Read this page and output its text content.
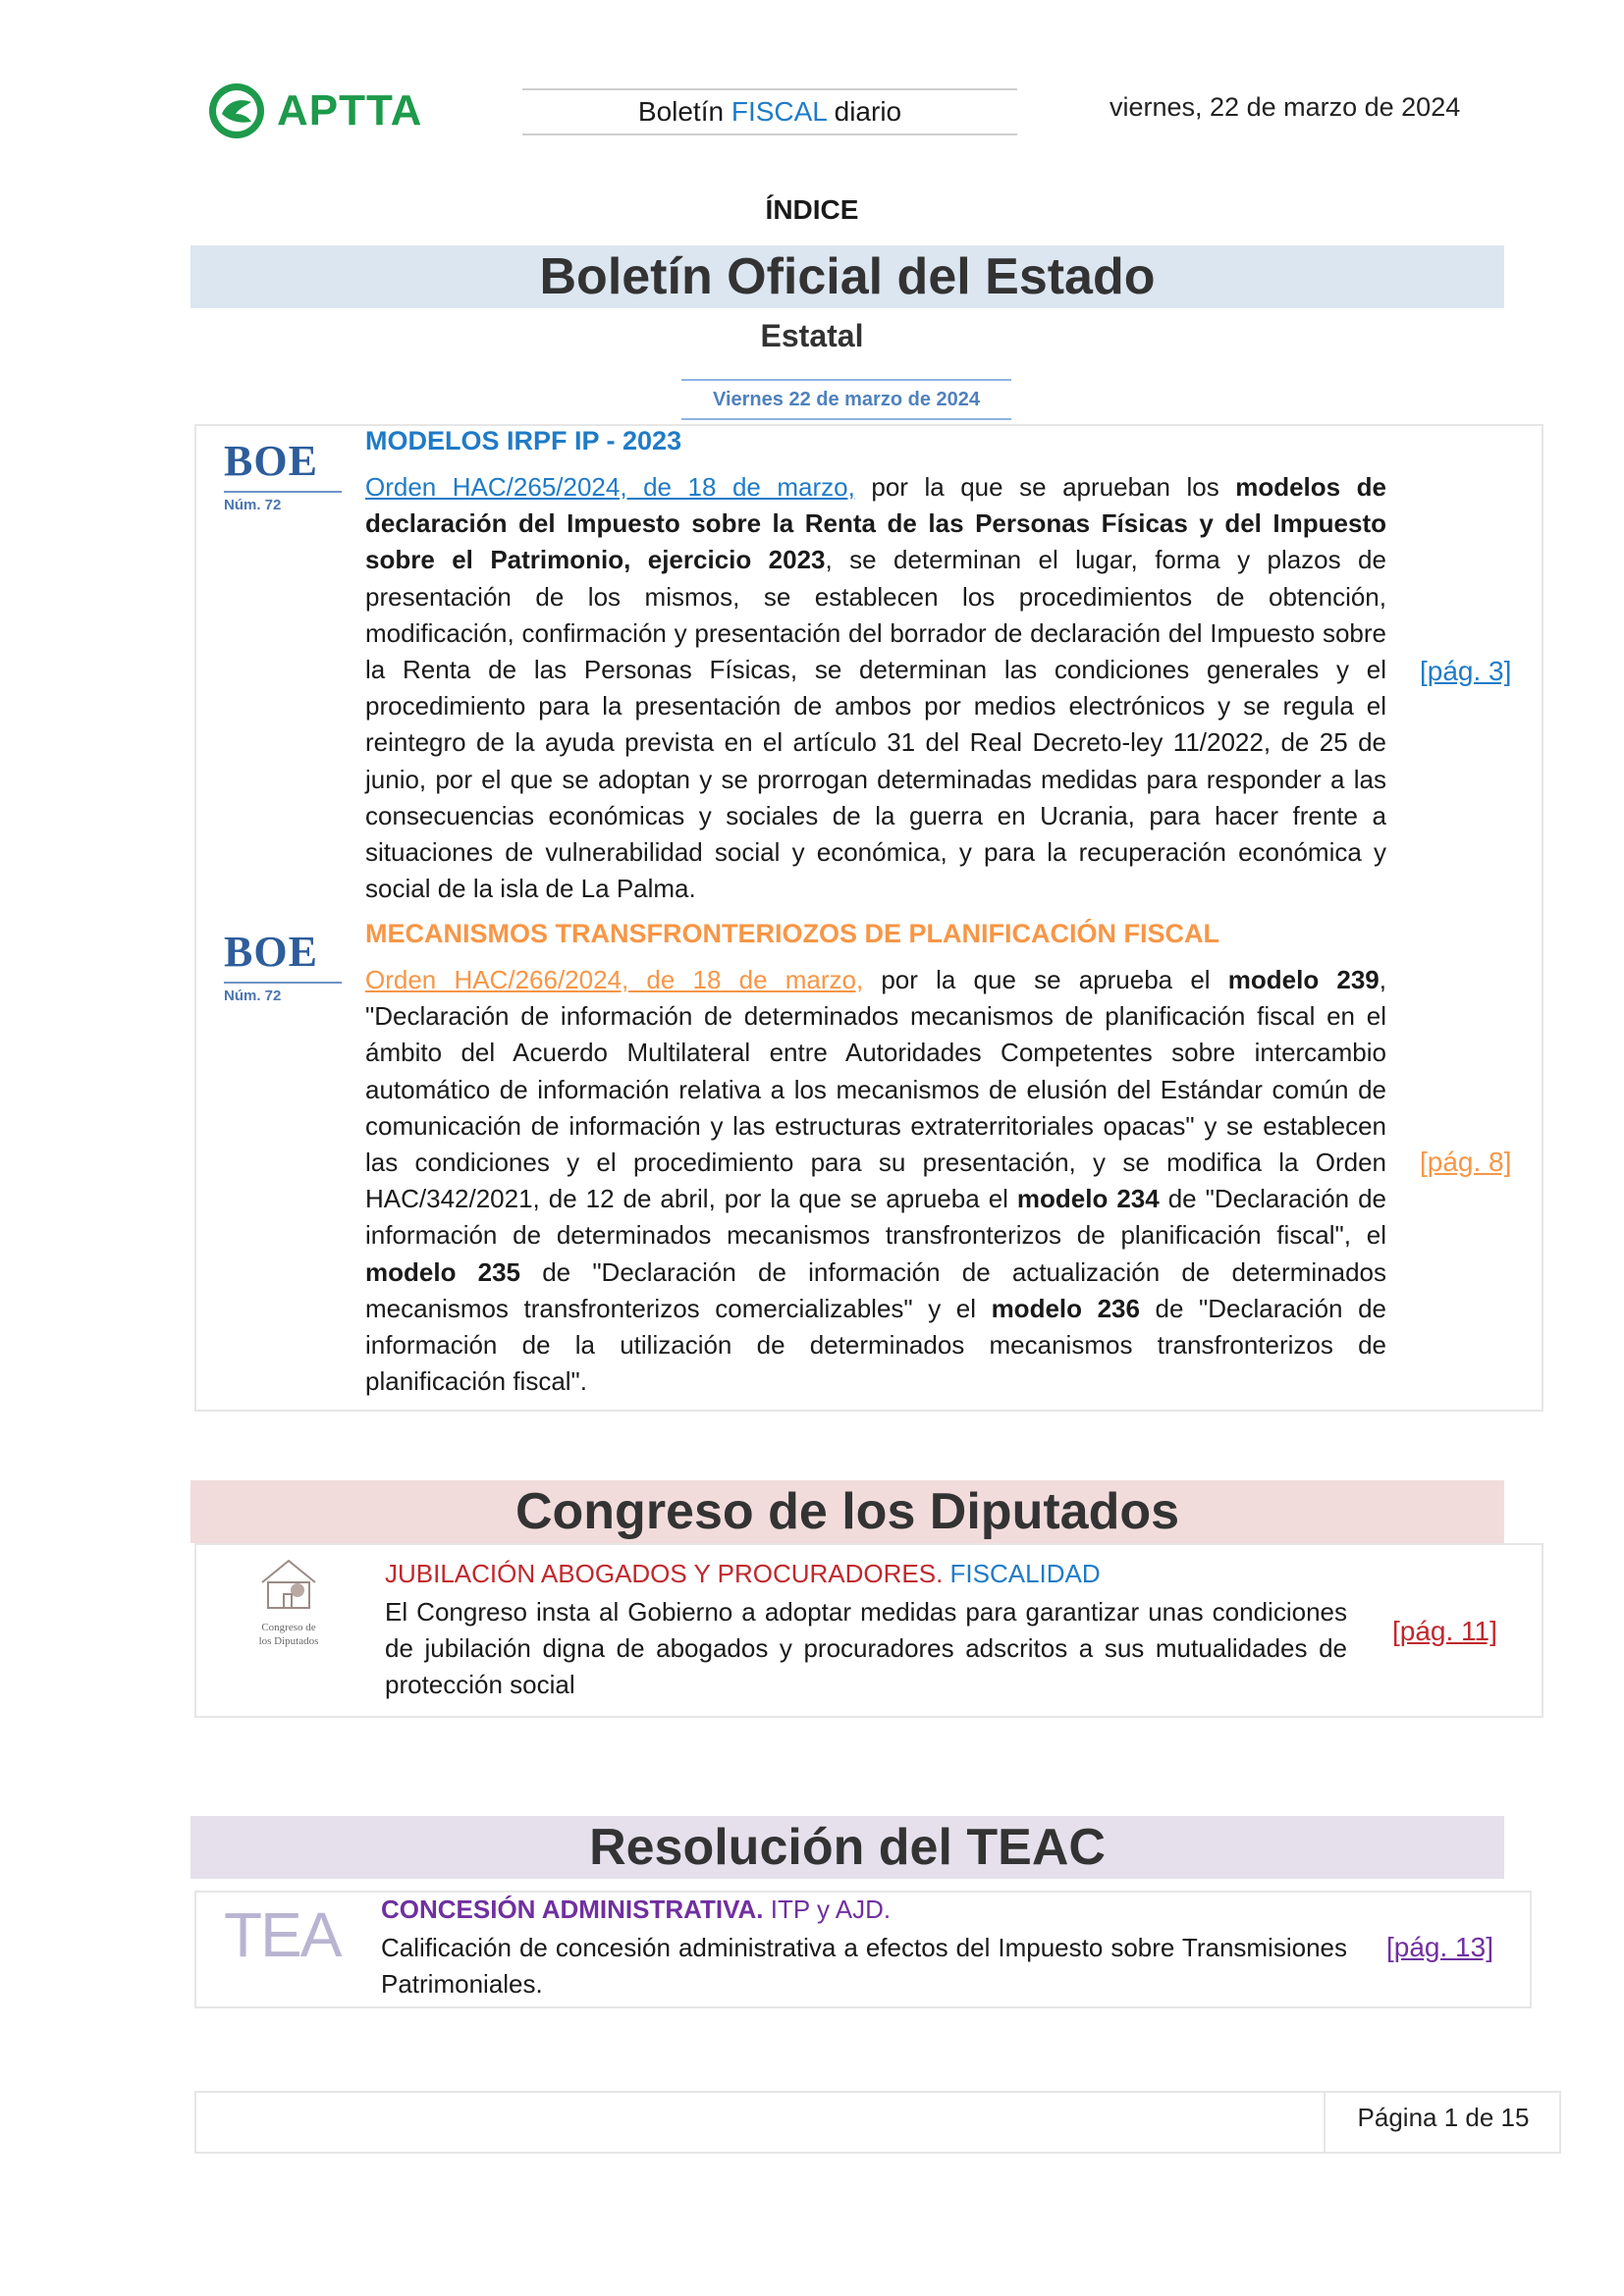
APTTA	Boletín FISCAL diario	viernes, 22 de marzo de 2024
ÍNDICE
Boletín Oficial del Estado
Estatal
Viernes 22 de marzo de 2024
BOE
Núm. 72
MODELOS IRPF IP - 2023
Orden HAC/265/2024, de 18 de marzo, por la que se aprueban los modelos de declaración del Impuesto sobre la Renta de las Personas Físicas y del Impuesto sobre el Patrimonio, ejercicio 2023, se determinan el lugar, forma y plazos de presentación de los mismos, se establecen los procedimientos de obtención, modificación, confirmación y presentación del borrador de declaración del Impuesto sobre la Renta de las Personas Físicas, se determinan las condiciones generales y el procedimiento para la presentación de ambos por medios electrónicos y se regula el reintegro de la ayuda prevista en el artículo 31 del Real Decreto-ley 11/2022, de 25 de junio, por el que se adoptan y se prorrogan determinadas medidas para responder a las consecuencias económicas y sociales de la guerra en Ucrania, para hacer frente a situaciones de vulnerabilidad social y económica, y para la recuperación económica y social de la isla de La Palma.
[pág. 3]
BOE
Núm. 72
MECANISMOS TRANSFRONTERIOZOS DE PLANIFICACIÓN FISCAL
Orden HAC/266/2024, de 18 de marzo, por la que se aprueba el modelo 239, "Declaración de información de determinados mecanismos de planificación fiscal en el ámbito del Acuerdo Multilateral entre Autoridades Competentes sobre intercambio automático de información relativa a los mecanismos de elusión del Estándar común de comunicación de información y las estructuras extraterritoriales opacas" y se establecen las condiciones y el procedimiento para su presentación, y se modifica la Orden HAC/342/2021, de 12 de abril, por la que se aprueba el modelo 234 de "Declaración de información de determinados mecanismos transfronterizos de planificación fiscal", el modelo 235 de "Declaración de información de actualización de determinados mecanismos transfronterizos comercializables" y el modelo 236 de "Declaración de información de la utilización de determinados mecanismos transfronterizos de planificación fiscal".
[pág. 8]
Congreso de los Diputados
Congreso de
los Diputados
JUBILACIÓN ABOGADOS Y PROCURADORES. FISCALIDAD
El Congreso insta al Gobierno a adoptar medidas para garantizar unas condiciones de jubilación digna de abogados y procuradores adscritos a sus mutualidades de protección social
[pág. 11]
Resolución del TEAC
TEA CONCESIÓN ADMINISTRATIVA. ITP y AJD.
Calificación de concesión administrativa a efectos del Impuesto sobre Transmisiones Patrimoniales.
[pág. 13]
Página 1 de 15
